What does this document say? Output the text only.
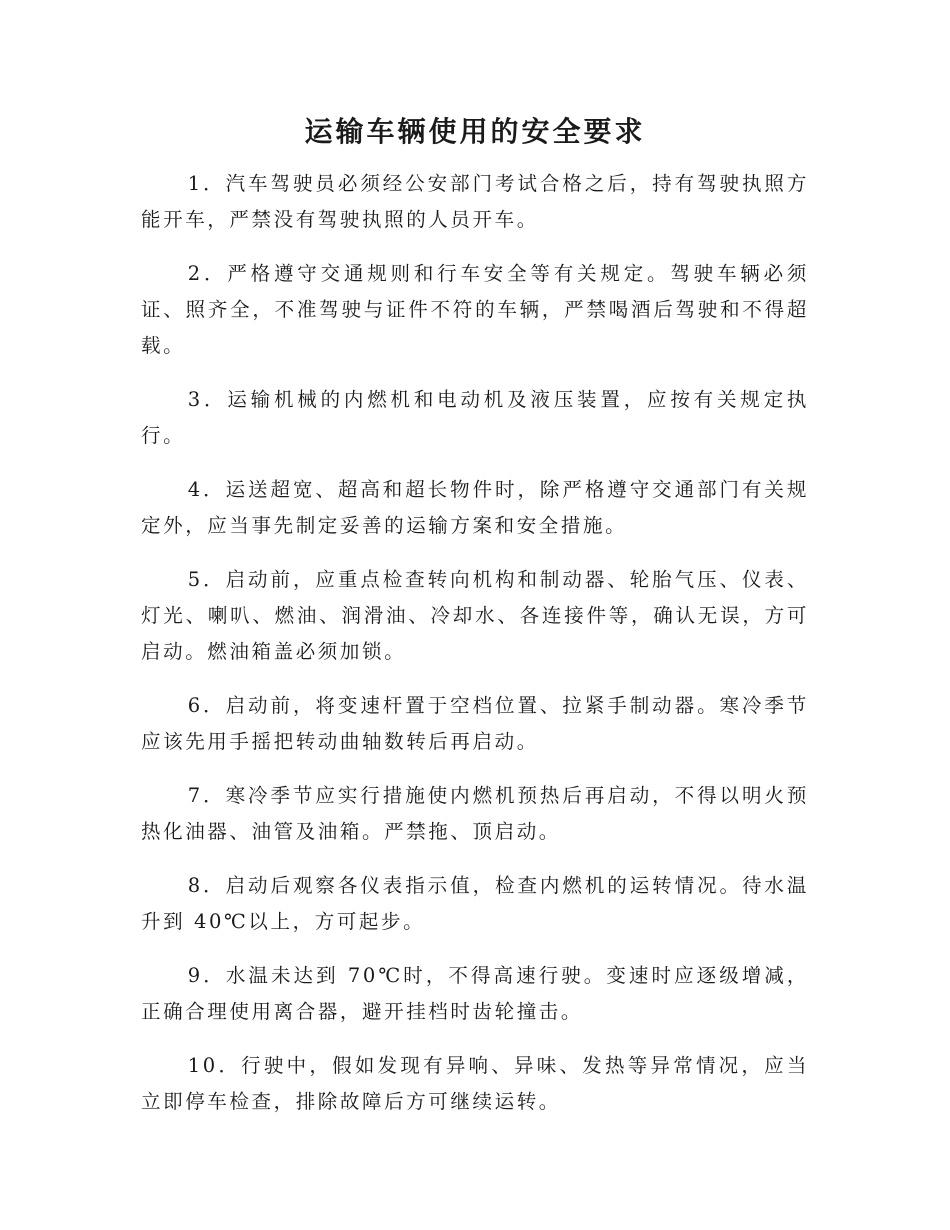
运输车辆使用的安全要求

1．汽车驾驶员必须经公安部门考试合格之后，持有驾驶执照方能开车，严禁没有驾驶执照的人员开车。

2．严格遵守交通规则和行车安全等有关规定。驾驶车辆必须证、照齐全，不准驾驶与证件不符的车辆，严禁喝酒后驾驶和不得超载。

3．运输机械的内燃机和电动机及液压装置，应按有关规定执行。

4．运送超宽、超高和超长物件时，除严格遵守交通部门有关规定外，应当事先制定妥善的运输方案和安全措施。

5．启动前，应重点检查转向机构和制动器、轮胎气压、仪表、灯光、喇叭、燃油、润滑油、冷却水、各连接件等，确认无误，方可启动。燃油箱盖必须加锁。

6．启动前，将变速杆置于空档位置、拉紧手制动器。寒冷季节应该先用手摇把转动曲轴数转后再启动。

7．寒冷季节应实行措施使内燃机预热后再启动，不得以明火预热化油器、油管及油箱。严禁拖、顶启动。

8．启动后观察各仪表指示值，检查内燃机的运转情况。待水温升到 40℃以上，方可起步。

9．水温未达到 70℃时，不得高速行驶。变速时应逐级增减，正确合理使用离合器，避开挂档时齿轮撞击。

10．行驶中，假如发现有异响、异味、发热等异常情况，应当立即停车检查，排除故障后方可继续运转。
